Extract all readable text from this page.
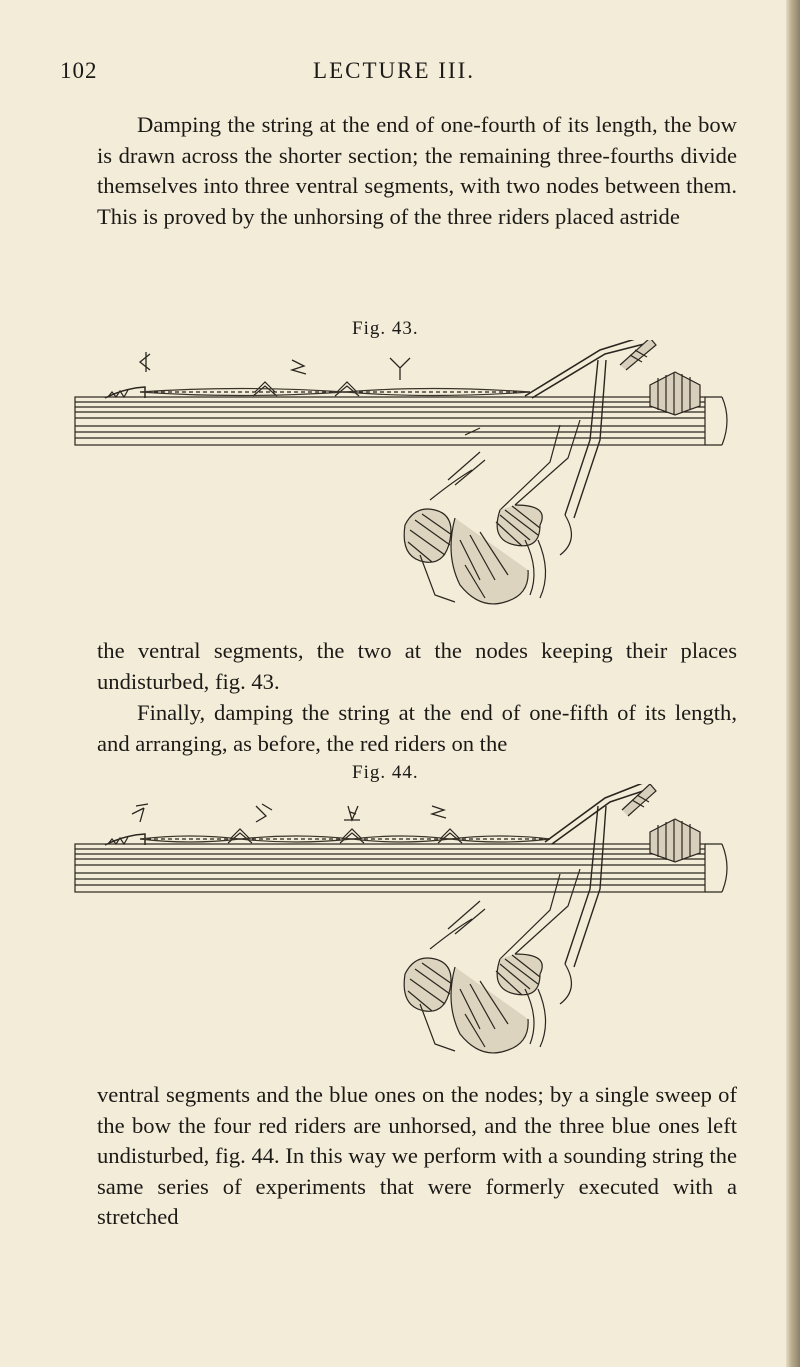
102	LECTURE III.

Damping the string at the end of one-fourth of its length, the bow is drawn across the shorter section; the remaining three-fourths divide themselves into three ventral segments, with two nodes between them. This is proved by the unhorsing of the three riders placed astride

Fig. 43.

the ventral segments, the two at the nodes keeping their places undisturbed, fig. 43.

Finally, damping the string at the end of one-fifth of its length, and arranging, as before, the red riders on the

Fig. 44.

ventral segments and the blue ones on the nodes; by a single sweep of the bow the four red riders are unhorsed, and the three blue ones left undisturbed, fig. 44. In this way we perform with a sounding string the same series of experiments that were formerly executed with a stretched
